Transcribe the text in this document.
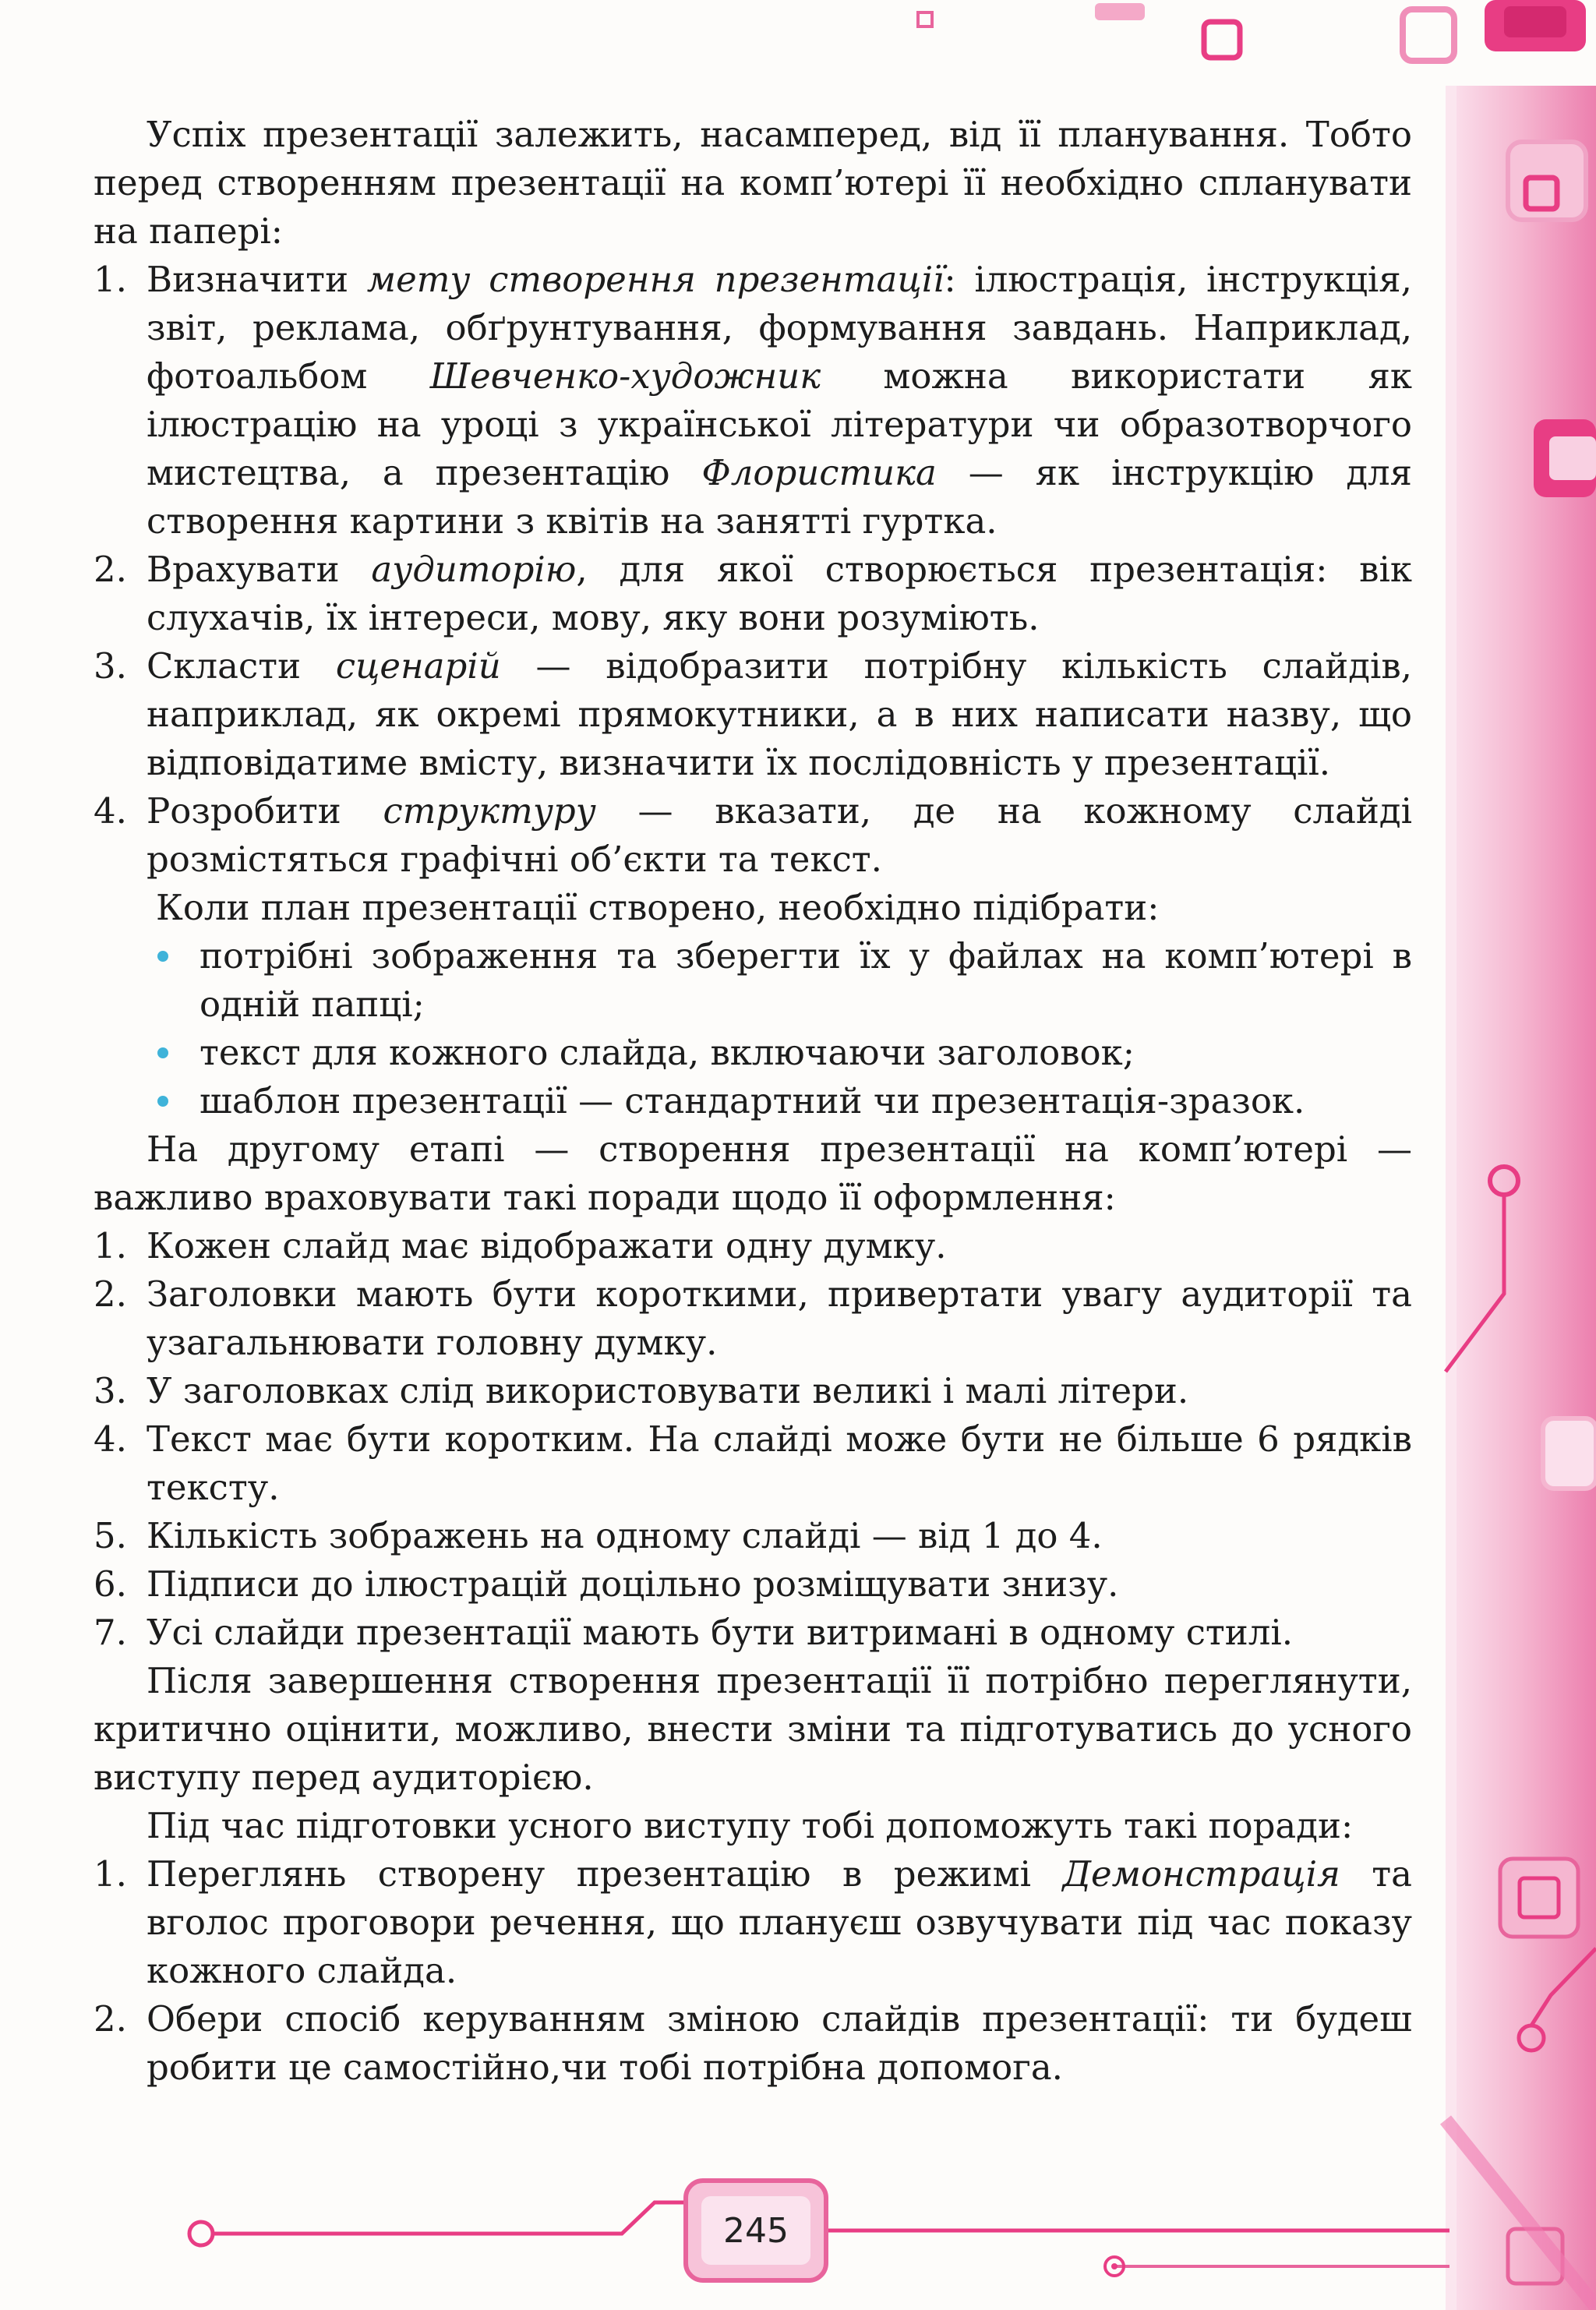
245

Успіх презентації залежить, насамперед, від її планування. Тобто перед створенням презентації на комп’ютері її необхідно спланувати на папері:

1. Визначити мету створення презентації: ілюстрація, інструкція, звіт, реклама, обґрунтування, формування завдань. Наприклад, фотоальбом Шевченко-художник можна використати як ілюстрацію на уроці з української літератури чи образотворчого мистецтва, а презентацію Флористика — як інструкцію для створення картини з квітів на занятті гуртка.
2. Врахувати аудиторію, для якої створюється презентація: вік слухачів, їх інтереси, мову, яку вони розуміють.
3. Скласти сценарій — відобразити потрібну кількість слайдів, наприклад, як окремі прямокутники, а в них написати назву, що відповідатиме вмісту, визначити їх послідовність у презентації.
4. Розробити структуру — вказати, де на кожному слайді розмістяться графічні об’єкти та текст.

Коли план презентації створено, необхідно підібрати:

потрібні зображення та зберегти їх у файлах на комп’ютері в одній папці;
текст для кожного слайда, включаючи заголовок;
шаблон презентації — стандартний чи презентація-зразок.

На другому етапі — створення презентації на комп’ютері — важливо враховувати такі поради щодо її оформлення:

1. Кожен слайд має відображати одну думку.
2. Заголовки мають бути короткими, привертати увагу аудиторії та узагальнювати головну думку.
3. У заголовках слід використовувати великі і малі літери.
4. Текст має бути коротким. На слайді може бути не більше 6 рядків тексту.
5. Кількість зображень на одному слайді — від 1 до 4.
6. Підписи до ілюстрацій доцільно розміщувати знизу.
7. Усі слайди презентації мають бути витримані в одному стилі.

Після завершення створення презентації її потрібно переглянути, критично оцінити, можливо, внести зміни та підготуватись до усного виступу перед аудиторією.

Під час підготовки усного виступу тобі допоможуть такі поради:

1. Переглянь створену презентацію в режимі Демонстрація та вголос проговори речення, що плануєш озвучувати під час показу кожного слайда.
2. Обери спосіб керуванням зміною слайдів презентації: ти будеш робити це самостійно,чи тобі потрібна допомога.
